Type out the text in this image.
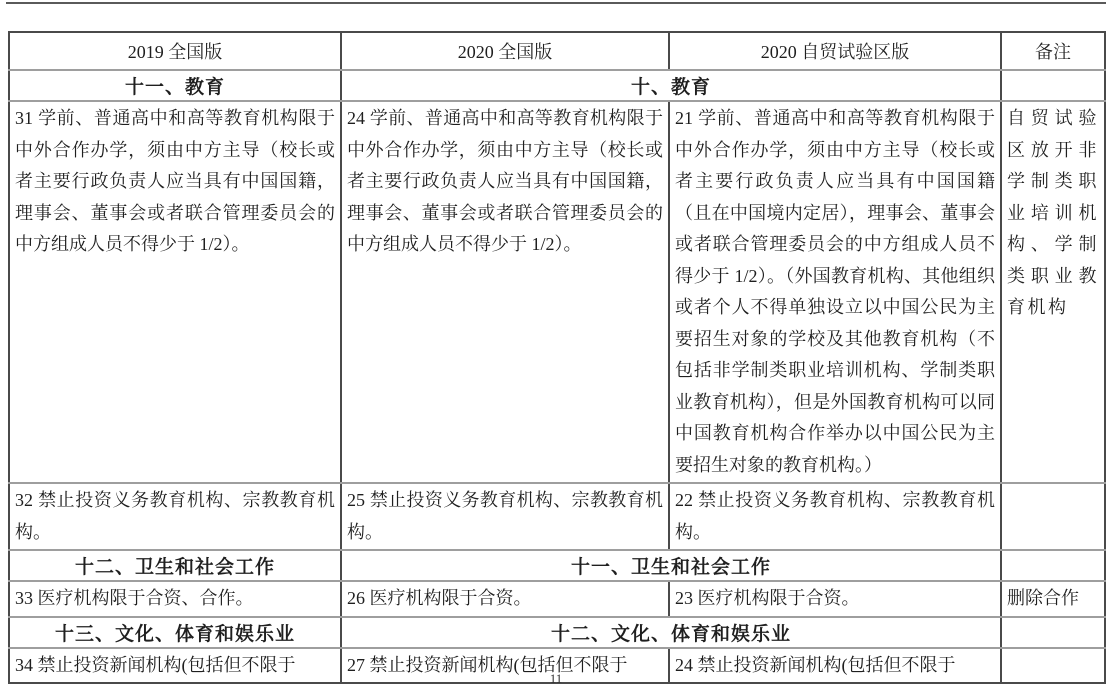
2019 全国版	2020 全国版	2020 自贸试验区版	备注
十一、教育	十、教育		
31 学前、普通高中和高等教育机构限于中外合作办学，须由中方主导（校长或者主要行政负责人应当具有中国国籍，理事会、董事会或者联合管理委员会的中方组成人员不得少于 1/2）。	24 学前、普通高中和高等教育机构限于中外合作办学，须由中方主导（校长或者主要行政负责人应当具有中国国籍，理事会、董事会或者联合管理委员会的中方组成人员不得少于 1/2）。	21 学前、普通高中和高等教育机构限于中外合作办学，须由中方主导（校长或者主要行政负责人应当具有中国国籍（且在中国境内定居），理事会、董事会或者联合管理委员会的中方组成人员不得少于 1/2）。（外国教育机构、其他组织或者个人不得单独设立以中国公民为主要招生对象的学校及其他教育机构（不包括非学制类职业培训机构、学制类职业教育机构），但是外国教育机构可以同中国教育机构合作举办以中国公民为主要招生对象的教育机构。）	自贸试验区放开非学制类职业培训机构、学制类职业教育机构
32 禁止投资义务教育机构、宗教教育机构。	25 禁止投资义务教育机构、宗教教育机构。	22 禁止投资义务教育机构、宗教教育机构。	
十二、卫生和社会工作	十一、卫生和社会工作		
33 医疗机构限于合资、合作。	26 医疗机构限于合资。	23 医疗机构限于合资。	删除合作
十三、文化、体育和娱乐业	十二、文化、体育和娱乐业		
34 禁止投资新闻机构(包括但不限于	27 禁止投资新闻机构(包括但不限于	24 禁止投资新闻机构(包括但不限于	
11
